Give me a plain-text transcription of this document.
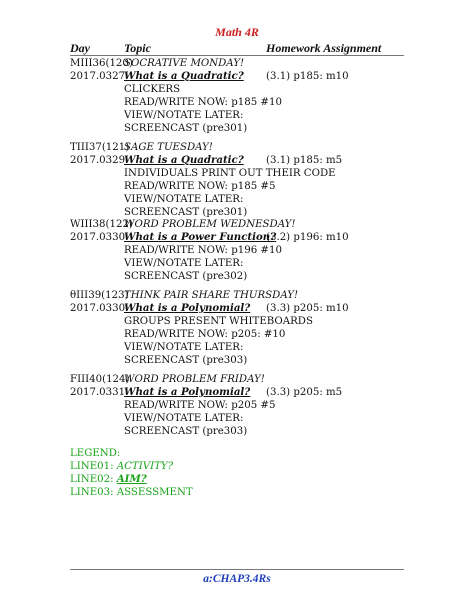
Math 4R
Day	Topic	Homework Assignment
MIII36(120)
SOCRATIVE MONDAY!
2017.0327
What is a Quadratic? (3.1) p185: m10
CLICKERS
READ/WRITE NOW: p185 #10
VIEW/NOTATE LATER:
SCREENCAST (pre301)
TIII37(121)
SAGE TUESDAY!
2017.0329
What is a Quadratic? (3.1) p185: m5
INDIVIDUALS PRINT OUT THEIR CODE
READ/WRITE NOW: p185 #5
VIEW/NOTATE LATER:
SCREENCAST (pre301)
WIII38(122)
WORD PROBLEM WEDNESDAY!
2017.0330
What is a Power Function?
(3.2) p196: m10
READ/WRITE NOW: p196 #10
VIEW/NOTATE LATER:
SCREENCAST (pre302)
θIII39(123)
THINK PAIR SHARE THURSDAY!
2017.0330
What is a Polynomial? (3.3) p205: m10
GROUPS PRESENT WHITEBOARDS
READ/WRITE NOW: p205: #10
VIEW/NOTATE LATER:
SCREENCAST (pre303)
FIII40(124)
WORD PROBLEM FRIDAY!
2017.0331
What is a Polynomial? (3.3) p205: m5
READ/WRITE NOW: p205 #5
VIEW/NOTATE LATER:
SCREENCAST (pre303)
LEGEND:
LINE01: ACTIVITY?
LINE02: AIM?
LINE03: ASSESSMENT
a:CHAP3.4Rs
